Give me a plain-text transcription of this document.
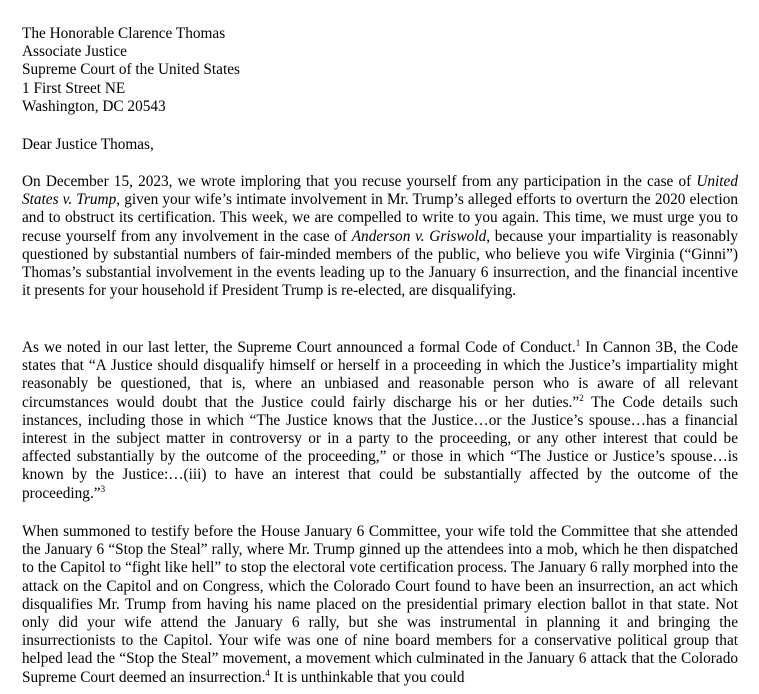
The Honorable Clarence Thomas
Associate Justice
Supreme Court of the United States
1 First Street NE
Washington, DC 20543
Dear Justice Thomas,
On December 15, 2023, we wrote imploring that you recuse yourself from any participation in the case of United States v. Trump, given your wife’s intimate involvement in Mr. Trump’s alleged efforts to overturn the 2020 election and to obstruct its certification. This week, we are compelled to write to you again. This time, we must urge you to recuse yourself from any involvement in the case of Anderson v. Griswold, because your impartiality is reasonably questioned by substantial numbers of fair-minded members of the public, who believe you wife Virginia (“Ginni”) Thomas’s substantial involvement in the events leading up to the January 6 insurrection, and the financial incentive it presents for your household if President Trump is re-elected, are disqualifying.
As we noted in our last letter, the Supreme Court announced a formal Code of Conduct.$^1$ In Cannon 3B, the Code states that “A Justice should disqualify himself or herself in a proceeding in which the Justice’s impartiality might reasonably be questioned, that is, where an unbiased and reasonable person who is aware of all relevant circumstances would doubt that the Justice could fairly discharge his or her duties.”$^2$ The Code details such instances, including those in which “The Justice knows that the Justice…or the Justice’s spouse…has a financial interest in the subject matter in controversy or in a party to the proceeding, or any other interest that could be affected substantially by the outcome of the proceeding,” or those in which “The Justice or Justice’s spouse…is known by the Justice:…(iii) to have an interest that could be substantially affected by the outcome of the proceeding.”$^3$
When summoned to testify before the House January 6 Committee, your wife told the Committee that she attended the January 6 “Stop the Steal” rally, where Mr. Trump ginned up the attendees into a mob, which he then dispatched to the Capitol to “fight like hell” to stop the electoral vote certification process. The January 6 rally morphed into the attack on the Capitol and on Congress, which the Colorado Court found to have been an insurrection, an act which disqualifies Mr. Trump from having his name placed on the presidential primary election ballot in that state. Not only did your wife attend the January 6 rally, but she was instrumental in planning it and bringing the insurrectionists to the Capitol. Your wife was one of nine board members for a conservative political group that helped lead the “Stop the Steal” movement, a movement which culminated in the January 6 attack that the Colorado Supreme Court deemed an insurrection.$^4$ It is unthinkable that you could
